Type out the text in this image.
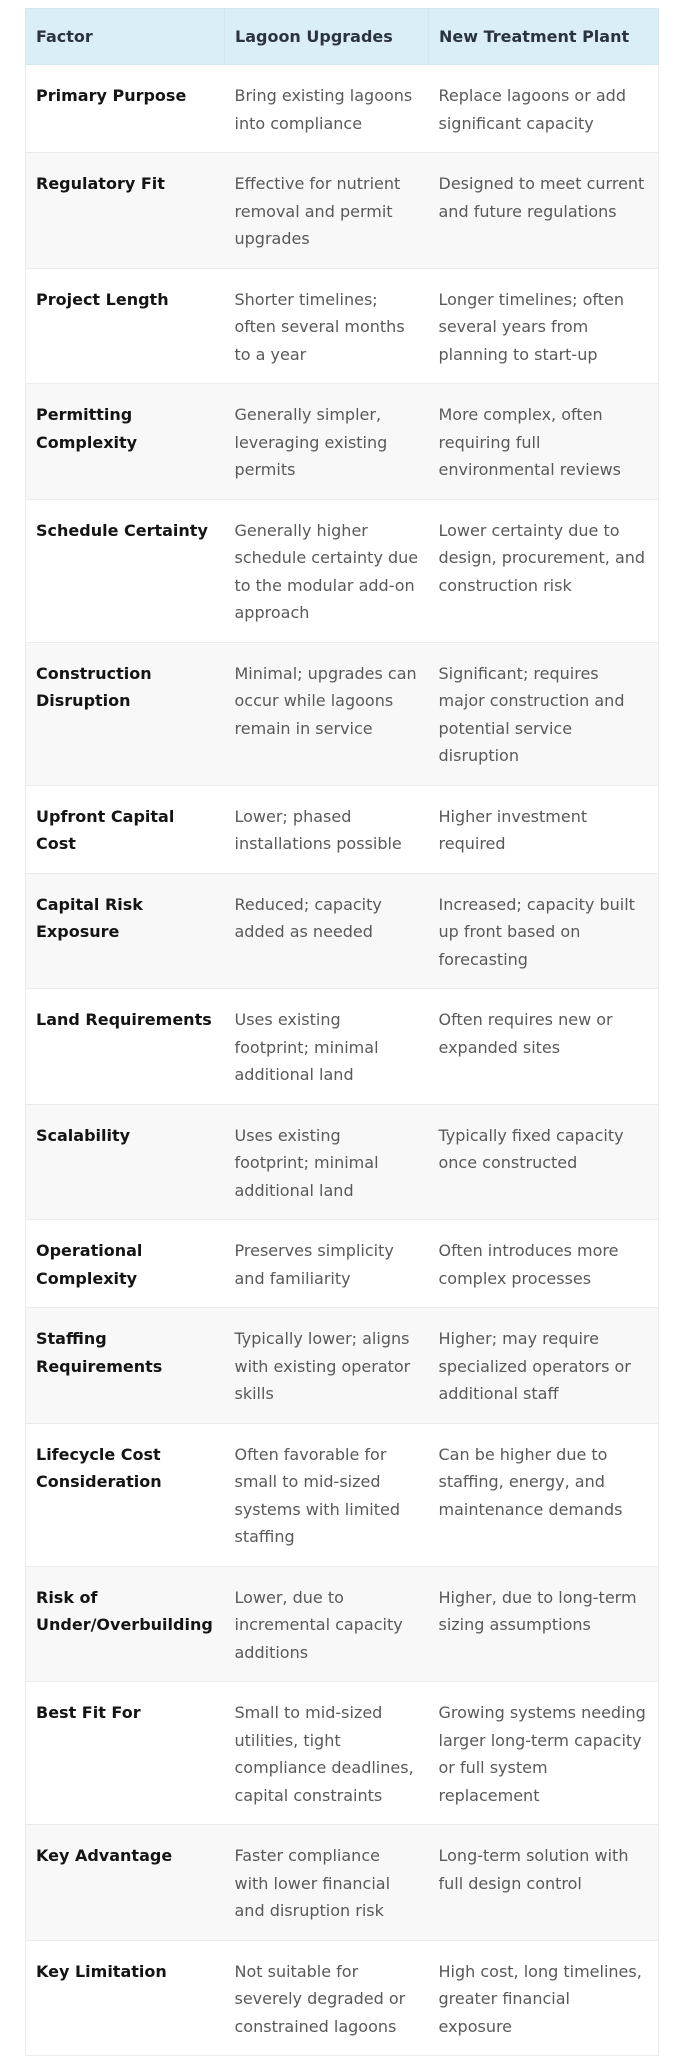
Factor	Lagoon Upgrades	New Treatment Plant
Primary Purpose	Bring existing lagoons into compliance	Replace lagoons or add significant capacity
Regulatory Fit	Effective for nutrient removal and permit upgrades	Designed to meet current and future regulations
Project Length	Shorter timelines; often several months to a year	Longer timelines; often several years from planning to start-up
Permitting Complexity	Generally simpler, leveraging existing permits	More complex, often requiring full environmental reviews
Schedule Certainty	Generally higher schedule certainty due to the modular add-on approach	Lower certainty due to design, procurement, and construction risk
Construction Disruption	Minimal; upgrades can occur while lagoons remain in service	Significant; requires major construction and potential service disruption
Upfront Capital Cost	Lower; phased installations possible	Higher investment required
Capital Risk Exposure	Reduced; capacity added as needed	Increased; capacity built up front based on forecasting
Land Requirements	Uses existing footprint; minimal additional land	Often requires new or expanded sites
Scalability	Uses existing footprint; minimal additional land	Typically fixed capacity once constructed
Operational Complexity	Preserves simplicity and familiarity	Often introduces more complex processes
Staffing Requirements	Typically lower; aligns with existing operator skills	Higher; may require specialized operators or additional staff
Lifecycle Cost Consideration	Often favorable for small to mid-sized systems with limited staffing	Can be higher due to staffing, energy, and maintenance demands
Risk of Under/Overbuilding	Lower, due to incremental capacity additions	Higher, due to long-term sizing assumptions
Best Fit For	Small to mid-sized utilities, tight compliance deadlines, capital constraints	Growing systems needing larger long-term capacity or full system replacement
Key Advantage	Faster compliance with lower financial and disruption risk	Long-term solution with full design control
Key Limitation	Not suitable for severely degraded or constrained lagoons	High cost, long timelines, greater financial exposure
